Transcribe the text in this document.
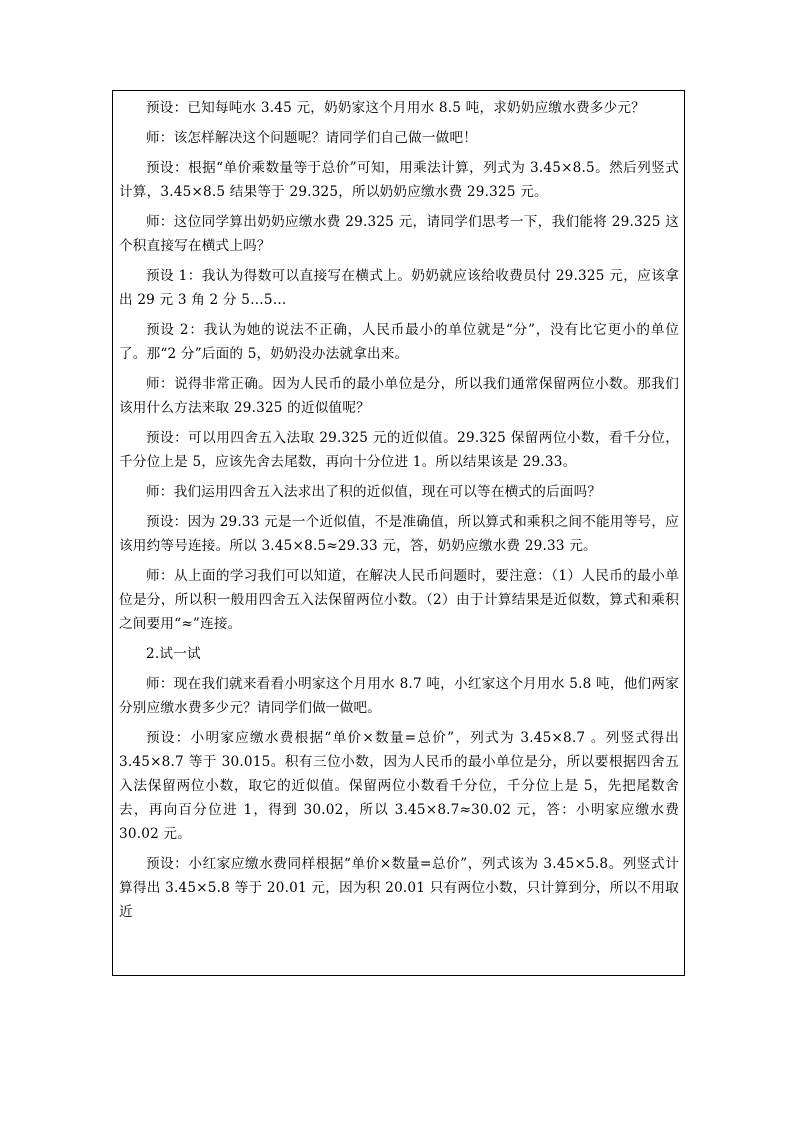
预设：已知每吨水 3.45 元，奶奶家这个月用水 8.5 吨，求奶奶应缴水费多少元？

师：该怎样解决这个问题呢？请同学们自己做一做吧！

预设：根据“单价乘数量等于总价”可知，用乘法计算，列式为 3.45×8.5。然后列竖式计算，3.45×8.5 结果等于 29.325，所以奶奶应缴水费 29.325 元。

师：这位同学算出奶奶应缴水费 29.325 元，请同学们思考一下，我们能将 29.325 这个积直接写在横式上吗？

预设 1：我认为得数可以直接写在横式上。奶奶就应该给收费员付 29.325 元，应该拿出 29 元 3 角 2 分 5…5…

预设 2：我认为她的说法不正确，人民币最小的单位就是“分”，没有比它更小的单位了。那“2 分”后面的 5，奶奶没办法就拿出来。

师：说得非常正确。因为人民币的最小单位是分，所以我们通常保留两位小数。那我们该用什么方法来取 29.325 的近似值呢？

预设：可以用四舍五入法取 29.325 元的近似值。29.325 保留两位小数，看千分位，千分位上是 5，应该先舍去尾数，再向十分位进 1。所以结果该是 29.33。

师：我们运用四舍五入法求出了积的近似值，现在可以等在横式的后面吗？

预设：因为 29.33 元是一个近似值，不是准确值，所以算式和乘积之间不能用等号，应该用约等号连接。所以 3.45×8.5≈29.33 元，答，奶奶应缴水费 29.33 元。

师：从上面的学习我们可以知道，在解决人民币问题时，要注意：（1）人民币的最小单位是分，所以积一般用四舍五入法保留两位小数。（2）由于计算结果是近似数，算式和乘积之间要用“≈”连接。

2.试一试

师：现在我们就来看看小明家这个月用水 8.7 吨，小红家这个月用水 5.8 吨，他们两家分别应缴水费多少元？请同学们做一做吧。

预设：小明家应缴水费根据“单价×数量=总价”，列式为 3.45×8.7 。列竖式得出 3.45×8.7 等于 30.015。积有三位小数，因为人民币的最小单位是分，所以要根据四舍五入法保留两位小数，取它的近似值。保留两位小数看千分位，千分位上是 5，先把尾数舍去，再向百分位进 1，得到 30.02，所以 3.45×8.7≈30.02 元，答：小明家应缴水费 30.02 元。

预设：小红家应缴水费同样根据“单价×数量=总价”，列式该为 3.45×5.8。列竖式计算得出 3.45×5.8 等于 20.01 元，因为积 20.01 只有两位小数，只计算到分，所以不用取近
